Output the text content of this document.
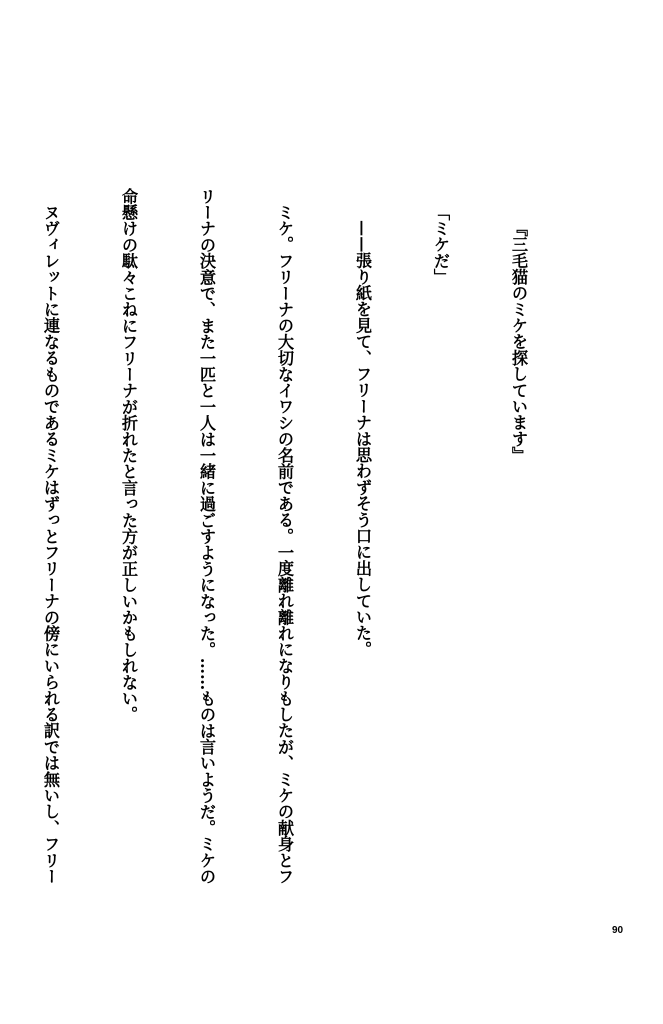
『三毛猫のミケを探しています』

「ミケだ」

——張り紙を見て、フリーナは思わずそう口に出していた。

ミケ。フリーナの大切なイワシの名前である。一度離れ離れになりもしたが、ミケの献身とフ

リーナの決意で、また一匹と一人は一緒に過ごすようになった。……ものは言いようだ。ミケの

命懸けの駄々こねにフリーナが折れたと言った方が正しいかもしれない。

ヌヴィレットに連なるものであるミケはずっとフリーナの傍にいられる訳では無いし、フリー

90
